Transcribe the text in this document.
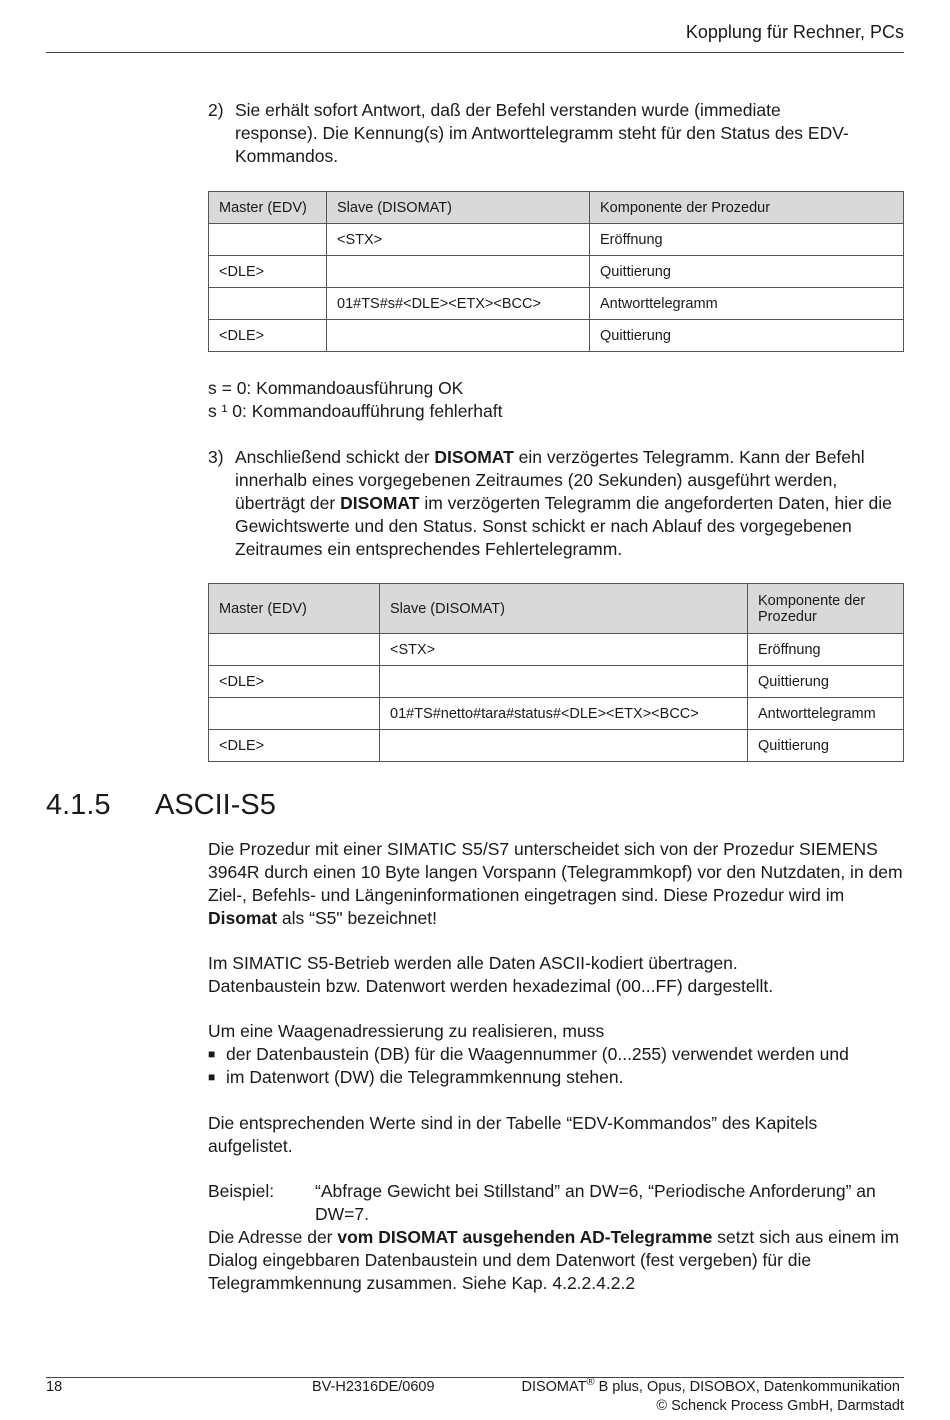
Kopplung für Rechner, PCs
2) Sie erhält sofort Antwort, daß der Befehl verstanden wurde (immediate response). Die Kennung(s) im Antworttelegramm steht für den Status des EDV-Kommandos.
Master (EDV)	Slave (DISOMAT)	Komponente der Prozedur
	<STX>	Eröffnung
<DLE>		Quittierung
	01#TS#s#<DLE><ETX><BCC>	Antworttelegramm
<DLE>		Quittierung
s = 0: Kommandoausführung OK
s ¹ 0: Kommandoaufführung fehlerhaft
3) Anschließend schickt der DISOMAT ein verzögertes Telegramm. Kann der Befehl innerhalb eines vorgegebenen Zeitraumes (20 Sekunden) ausgeführt werden, überträgt der DISOMAT im verzögerten Telegramm die angeforderten Daten, hier die Gewichtswerte und den Status. Sonst schickt er nach Ablauf des vorgegebenen Zeitraumes ein entsprechendes Fehlertelegramm.
Master (EDV)	Slave (DISOMAT)	Komponente der Prozedur
	<STX>	Eröffnung
<DLE>		Quittierung
	01#TS#netto#tara#status#<DLE><ETX><BCC>	Antworttelegramm
<DLE>		Quittierung
4.1.5 ASCII-S5
Die Prozedur mit einer SIMATIC S5/S7 unterscheidet sich von der Prozedur SIEMENS 3964R durch einen 10 Byte langen Vorspann (Telegrammkopf) vor den Nutzdaten, in dem Ziel-, Befehls- und Längeninformationen eingetragen sind. Diese Prozedur wird im Disomat als “S5" bezeichnet!
Im SIMATIC S5-Betrieb werden alle Daten ASCII-kodiert übertragen.
Datenbaustein bzw. Datenwort werden hexadezimal (00...FF) dargestellt.
Um eine Waagenadressierung zu realisieren, muss
■ der Datenbaustein (DB) für die Waagennummer (0...255) verwendet werden und
■ im Datenwort (DW) die Telegrammkennung stehen.
Die entsprechenden Werte sind in der Tabelle “EDV-Kommandos” des Kapitels aufgelistet.
Beispiel:	“Abfrage Gewicht bei Stillstand” an DW=6, “Periodische Anforderung” an DW=7.
Die Adresse der vom DISOMAT ausgehenden AD-Telegramme setzt sich aus einem im Dialog eingebbaren Datenbaustein und dem Datenwort (fest vergeben) für die Telegrammkennung zusammen. Siehe Kap. 4.2.2.4.2.2
18	BV-H2316DE/0609	DISOMAT® B plus, Opus, DISOBOX, Datenkommunikation
© Schenck Process GmbH, Darmstadt
